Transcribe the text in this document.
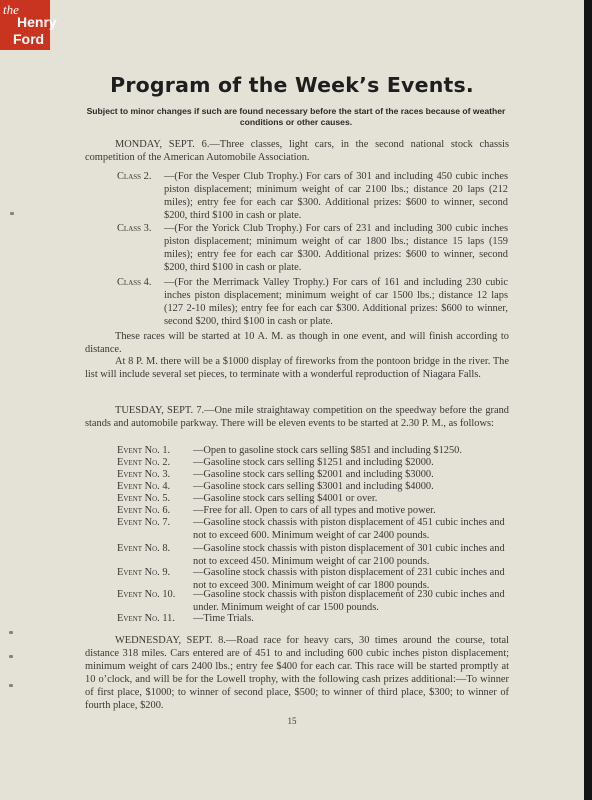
the
Henry
Ford
Program of the Week’s Events.
Subject to minor changes if such are found necessary before the start of the races because of weather conditions or other causes.

MONDAY, SEPT. 6.—Three classes, light cars, in the second national stock chassis competition of the American Automobile Association.

Class 2.	—(For the Vesper Club Trophy.) For cars of 301 and including 450 cubic inches piston displacement; minimum weight of car 2100 lbs.; distance 20 laps (212 miles); entry fee for each car $300. Additional prizes: $600 to winner, second $200, third $100 in cash or plate.

Class 3.	—(For the Yorick Club Trophy.) For cars of 231 and including 300 cubic inches piston displacement; minimum weight of car 1800 lbs.; distance 15 laps (159 miles); entry fee for each car $300. Additional prizes: $600 to winner, second $200, third $100 in cash or plate.

Class 4.	—(For the Merrimack Valley Trophy.) For cars of 161 and including 230 cubic inches piston displacement; minimum weight of car 1500 lbs.; distance 12 laps (127 2-10 miles); entry fee for each car $300. Additional prizes: $600 to winner, second $200, third $100 in cash or plate.

These races will be started at 10 A. M. as though in one event, and will finish according to distance.

At 8 P. M. there will be a $1000 display of fireworks from the pontoon bridge in the river. The list will include several set pieces, to terminate with a wonderful reproduction of Niagara Falls.

TUESDAY, SEPT. 7.—One mile straightaway competition on the speedway before the grand stands and automobile parkway. There will be eleven events to be started at 2.30 P. M., as follows:

Event No. 1. —Open to gasoline stock cars selling $851 and including $1250.
Event No. 2. —Gasoline stock cars selling $1251 and including $2000.
Event No. 3. —Gasoline stock cars selling $2001 and including $3000.
Event No. 4. —Gasoline stock cars selling $3001 and including $4000.
Event No. 5. —Gasoline stock cars selling $4001 or over.
Event No. 6. —Free for all. Open to cars of all types and motive power.
Event No. 7. —Gasoline stock chassis with piston displacement of 451 cubic inches and not to exceed 600. Minimum weight of car 2400 pounds.
Event No. 8. —Gasoline stock chassis with piston displacement of 301 cubic inches and not to exceed 450. Minimum weight of car 2100 pounds.
Event No. 9. —Gasoline stock chassis with piston displacement of 231 cubic inches and not to exceed 300. Minimum weight of car 1800 pounds.
Event No. 10. —Gasoline stock chassis with piston displacement of 230 cubic inches and under. Minimum weight of car 1500 pounds.
Event No. 11. —Time Trials.

WEDNESDAY, SEPT. 8.—Road race for heavy cars, 30 times around the course, total distance 318 miles. Cars entered are of 451 to and including 600 cubic inches piston displacement; minimum weight of cars 2400 lbs.; entry fee $400 for each car. This race will be started promptly at 10 o’clock, and will be for the Lowell trophy, with the following cash prizes additional:—To winner of first place, $1000; to winner of second place, $500; to winner of third place, $300; to winner of fourth place, $200.

15
